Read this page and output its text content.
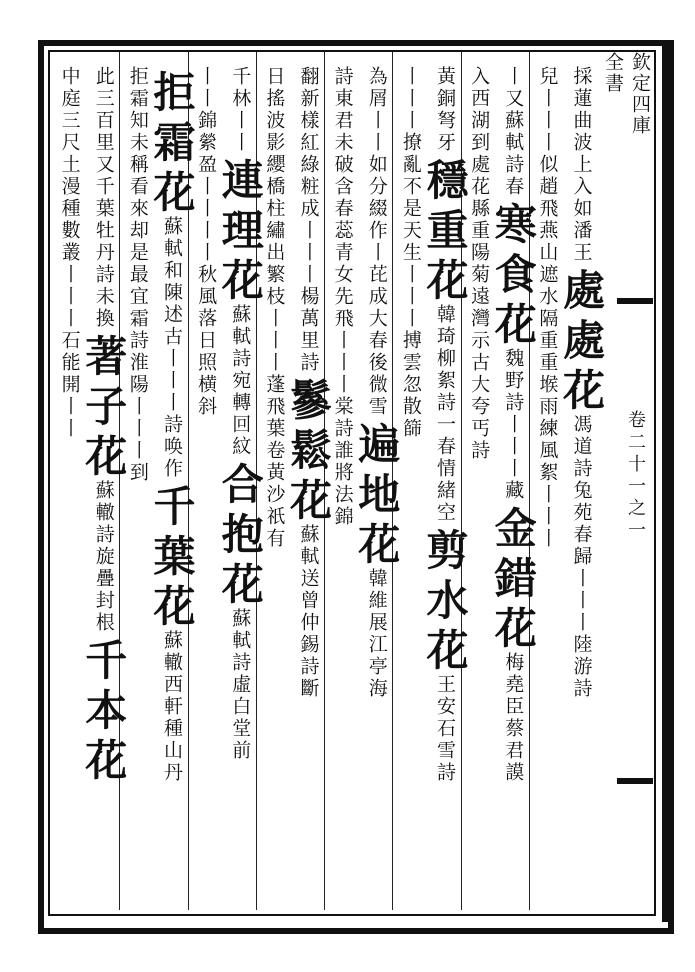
欽定四庫全書
卷二十一之一
採蓮曲波上入如潘王
處
處
花
馮道詩兔苑春歸
丨丨丨陸游詩
兒丨丨丨似趙飛燕
山遮水隔重重堠雨練風絮丨丨丨
丨又蘇軾詩春
寒
食
花
魏野詩丨丨丨藏
金
錯
花
梅堯臣蔡君謨
入西湖到處花
縣重陽菊遠灣
示古大夸丐詩
黃銅弩牙
穩
重
花
韓琦柳絮詩一春情緒空
剪
水
花
王安石雪詩
丨丨丨
撩亂不是天生丨丨丨
搏雲忽散篩
為屑丨丨如分綴作丨芘成大春後微雪
遍
地
花
韓維展江亭海
詩東君未破含春蕊青女先飛丨丨丨
棠詩誰將法錦
翻新樣紅綠粧成丨丨丨楊萬里詩
鬖
鬆
花
蘇軾送曾仲錫詩斷
日搖波影纓橋柱繡出繁枝丨丨丨
蓬飛葉卷黃沙祇有
千林丨丨
連
理
花
蘇軾詩宛轉回紋
合
抱
花
蘇軾詩虛白堂前
丨丨
錦縈盈丨丨丨
丨秋風落日照横斜
拒
霜
花
蘇軾和陳述古丨丨丨詩唤作
千
葉
花
蘇轍西軒種山丹
拒霜知未稱看來却是最宜霜
詩淮陽丨丨丨到
此三百里又千葉牡丹詩未換
著
子
花
蘇轍詩旋疊封根
千
本
花
中庭三尺土漫種數叢丨丨丨
石能開丨丨
